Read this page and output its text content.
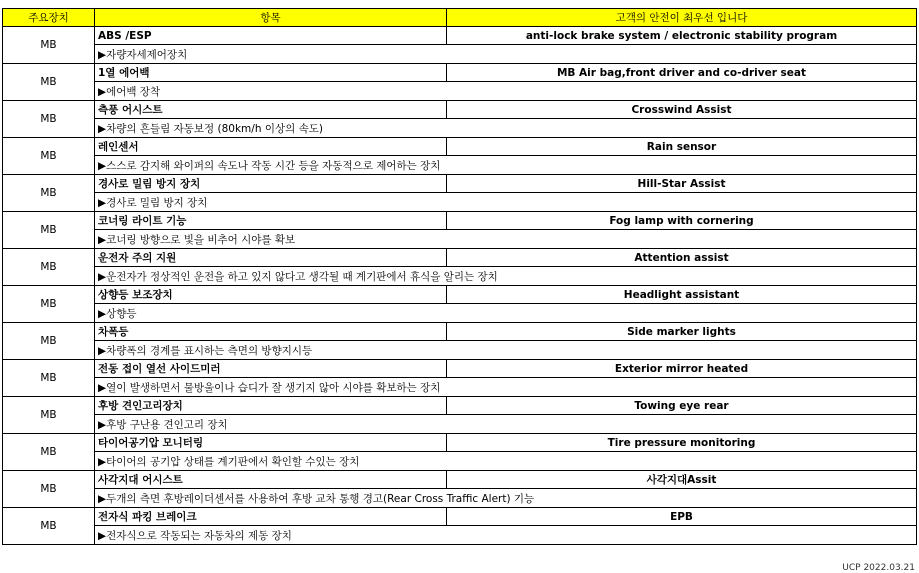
주요장치	항목	고객의 안전이 최우선 입니다
MB	ABS /ESP	anti-lock brake system / electronic stability program
	▶자량자세제어장치	
MB	1열 에어백	MB Air bag,front driver and co-driver seat
	▶에어백 장착	
MB	측풍 어시스트	Crosswind Assist
	▶차량의 흔들림 자동보정 (80km/h 이상의 속도)	
MB	레인센서	Rain sensor
	▶스스로 감지해 와이퍼의 속도나 작동 시간 등을 자동적으로 제어하는 장치	
MB	경사로 밀림 방지 장치	Hill-Star Assist
	▶경사로 밀림 방지 장치	
MB	코너링 라이트 기능	Fog lamp with cornering
	▶코너링 방향으로 빛을 비추어 시야를 확보	
MB	운전자 주의 지원	Attention assist
	▶운전자가 정상적인 운전을 하고 있지 않다고 생각될 때 계기판에서 휴식을 알리는 장치	
MB	상향등 보조장치	Headlight assistant
	▶상향등	
MB	차폭등	Side marker lights
	▶차량폭의 경계를 표시하는 측면의 방향지시등	
MB	전동 접이 열선 사이드미러	Exterior mirror heated
	▶열이 발생하면서 물방울이나 습디가 잘 생기지 않아 시야를 확보하는 장치	
MB	후방 견인고리장치	Towing eye rear
	▶후방 구난용 견인고리 장치	
MB	타이어공기압 모니터링	Tire pressure monitoring
	▶타이어의 공기압 상태를 계기판에서 확인할 수있는 장치	
MB	사각지대 어시스트	사각지대Assit
	▶두개의 측면 후방레이더센서를 사용하여 후방 교차 통행 경고(Rear Cross Traffic Alert) 기능	
MB	전자식 파킹 브레이크	EPB
	▶전자식으로 작동되는 자동차의 제동 장치	
UCP 2022.03.21
